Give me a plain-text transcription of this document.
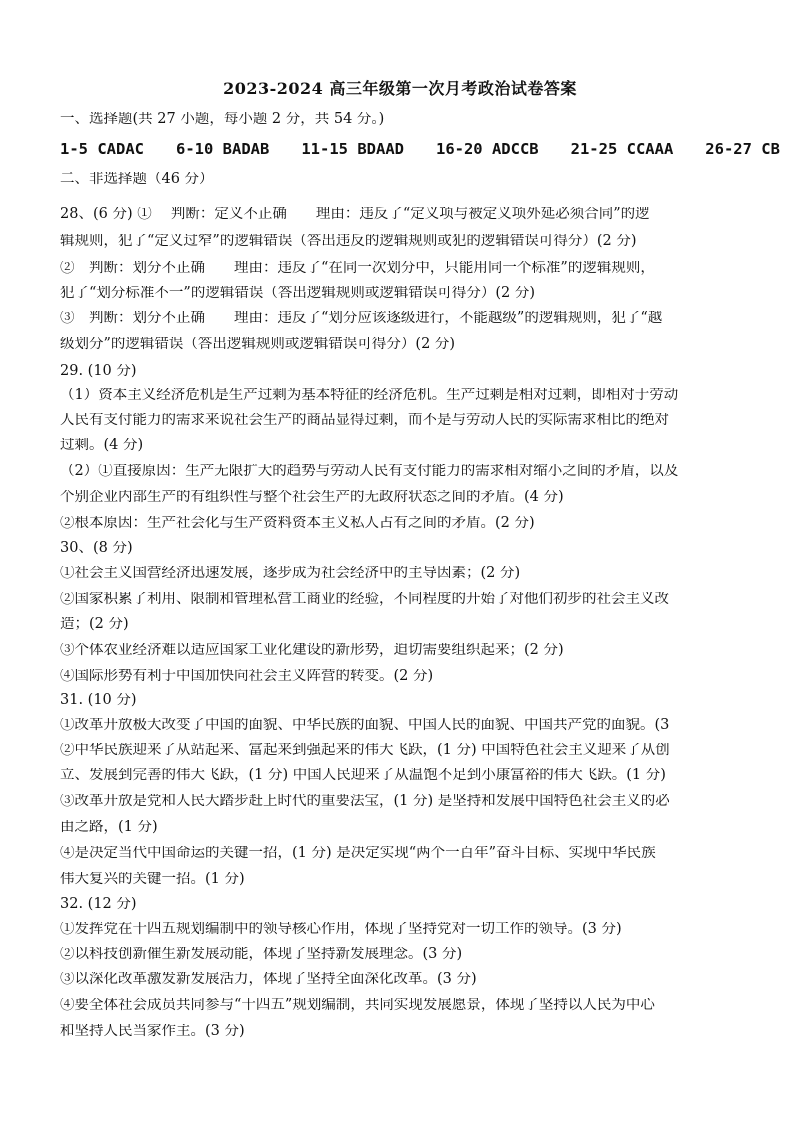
2023-2024 高三年级第一次月考政治试卷答案
一、选择题(共 27 小题，每小题 2 分，共 54 分。)
1-5 CADAC 6-10 BADAB 11-15 BDAAD 16-20 ADCCB 21-25 CCAAA 26-27 CB
二、非选择题（46 分）
28、(6 分) ①　 判断：定义不正确　　理由：违反了“定义项与被定义项外延必须合同”的逻
辑规则，犯了“定义过窄”的逻辑错误（答出违反的逻辑规则或犯的逻辑错误可得分）(2 分)
②　判断：划分不正确　　理由：违反了“在同一次划分中，只能用同一个标准”的逻辑规则，
犯了“划分标准不一”的逻辑错误（答出逻辑规则或逻辑错误可得分）(2 分)
③　判断：划分不正确　　理由：违反了“划分应该逐级进行，不能越级”的逻辑规则，犯了“越
级划分”的逻辑错误（答出逻辑规则或逻辑错误可得分）(2 分)
29. (10 分)
（1）资本主义经济危机是生产过剩为基本特征的经济危机。生产过剩是相对过剩，即相对于劳动
人民有支付能力的需求来说社会生产的商品显得过剩，而不是与劳动人民的实际需求相比的绝对
过剩。(4 分)
（2）①直接原因：生产无限扩大的趋势与劳动人民有支付能力的需求相对缩小之间的矛盾，以及
个别企业内部生产的有组织性与整个社会生产的无政府状态之间的矛盾。(4 分)
②根本原因：生产社会化与生产资料资本主义私人占有之间的矛盾。(2 分)
30、(8 分)
①社会主义国营经济迅速发展，逐步成为社会经济中的主导因素；(2 分)
②国家积累了利用、限制和管理私营工商业的经验，不同程度的开始了对他们初步的社会主义改
造；(2 分)
③个体农业经济难以适应国家工业化建设的新形势，迫切需要组织起来；(2 分)
④国际形势有利于中国加快向社会主义阵营的转变。(2 分)
31. (10 分)
①改革开放极大改变了中国的面貌、中华民族的面貌、中国人民的面貌、中国共产党的面貌。(3
②中华民族迎来了从站起来、富起来到强起来的伟大飞跃，(1 分) 中国特色社会主义迎来了从创
立、发展到完善的伟大飞跃，(1 分) 中国人民迎来了从温饱不足到小康富裕的伟大飞跃。(1 分)
③改革开放是党和人民大踏步赶上时代的重要法宝，(1 分) 是坚持和发展中国特色社会主义的必
由之路，(1 分)
④是决定当代中国命运的关键一招，(1 分) 是决定实现“两个一百年”奋斗目标、实现中华民族
伟大复兴的关键一招。(1 分)
32. (12 分)
①发挥党在十四五规划编制中的领导核心作用，体现了坚持党对一切工作的领导。(3 分)
②以科技创新催生新发展动能，体现了坚持新发展理念。(3 分)
③以深化改革激发新发展活力，体现了坚持全面深化改革。(3 分)
④要全体社会成员共同参与“十四五”规划编制，共同实现发展愿景，体现了坚持以人民为中心
和坚持人民当家作主。(3 分)
